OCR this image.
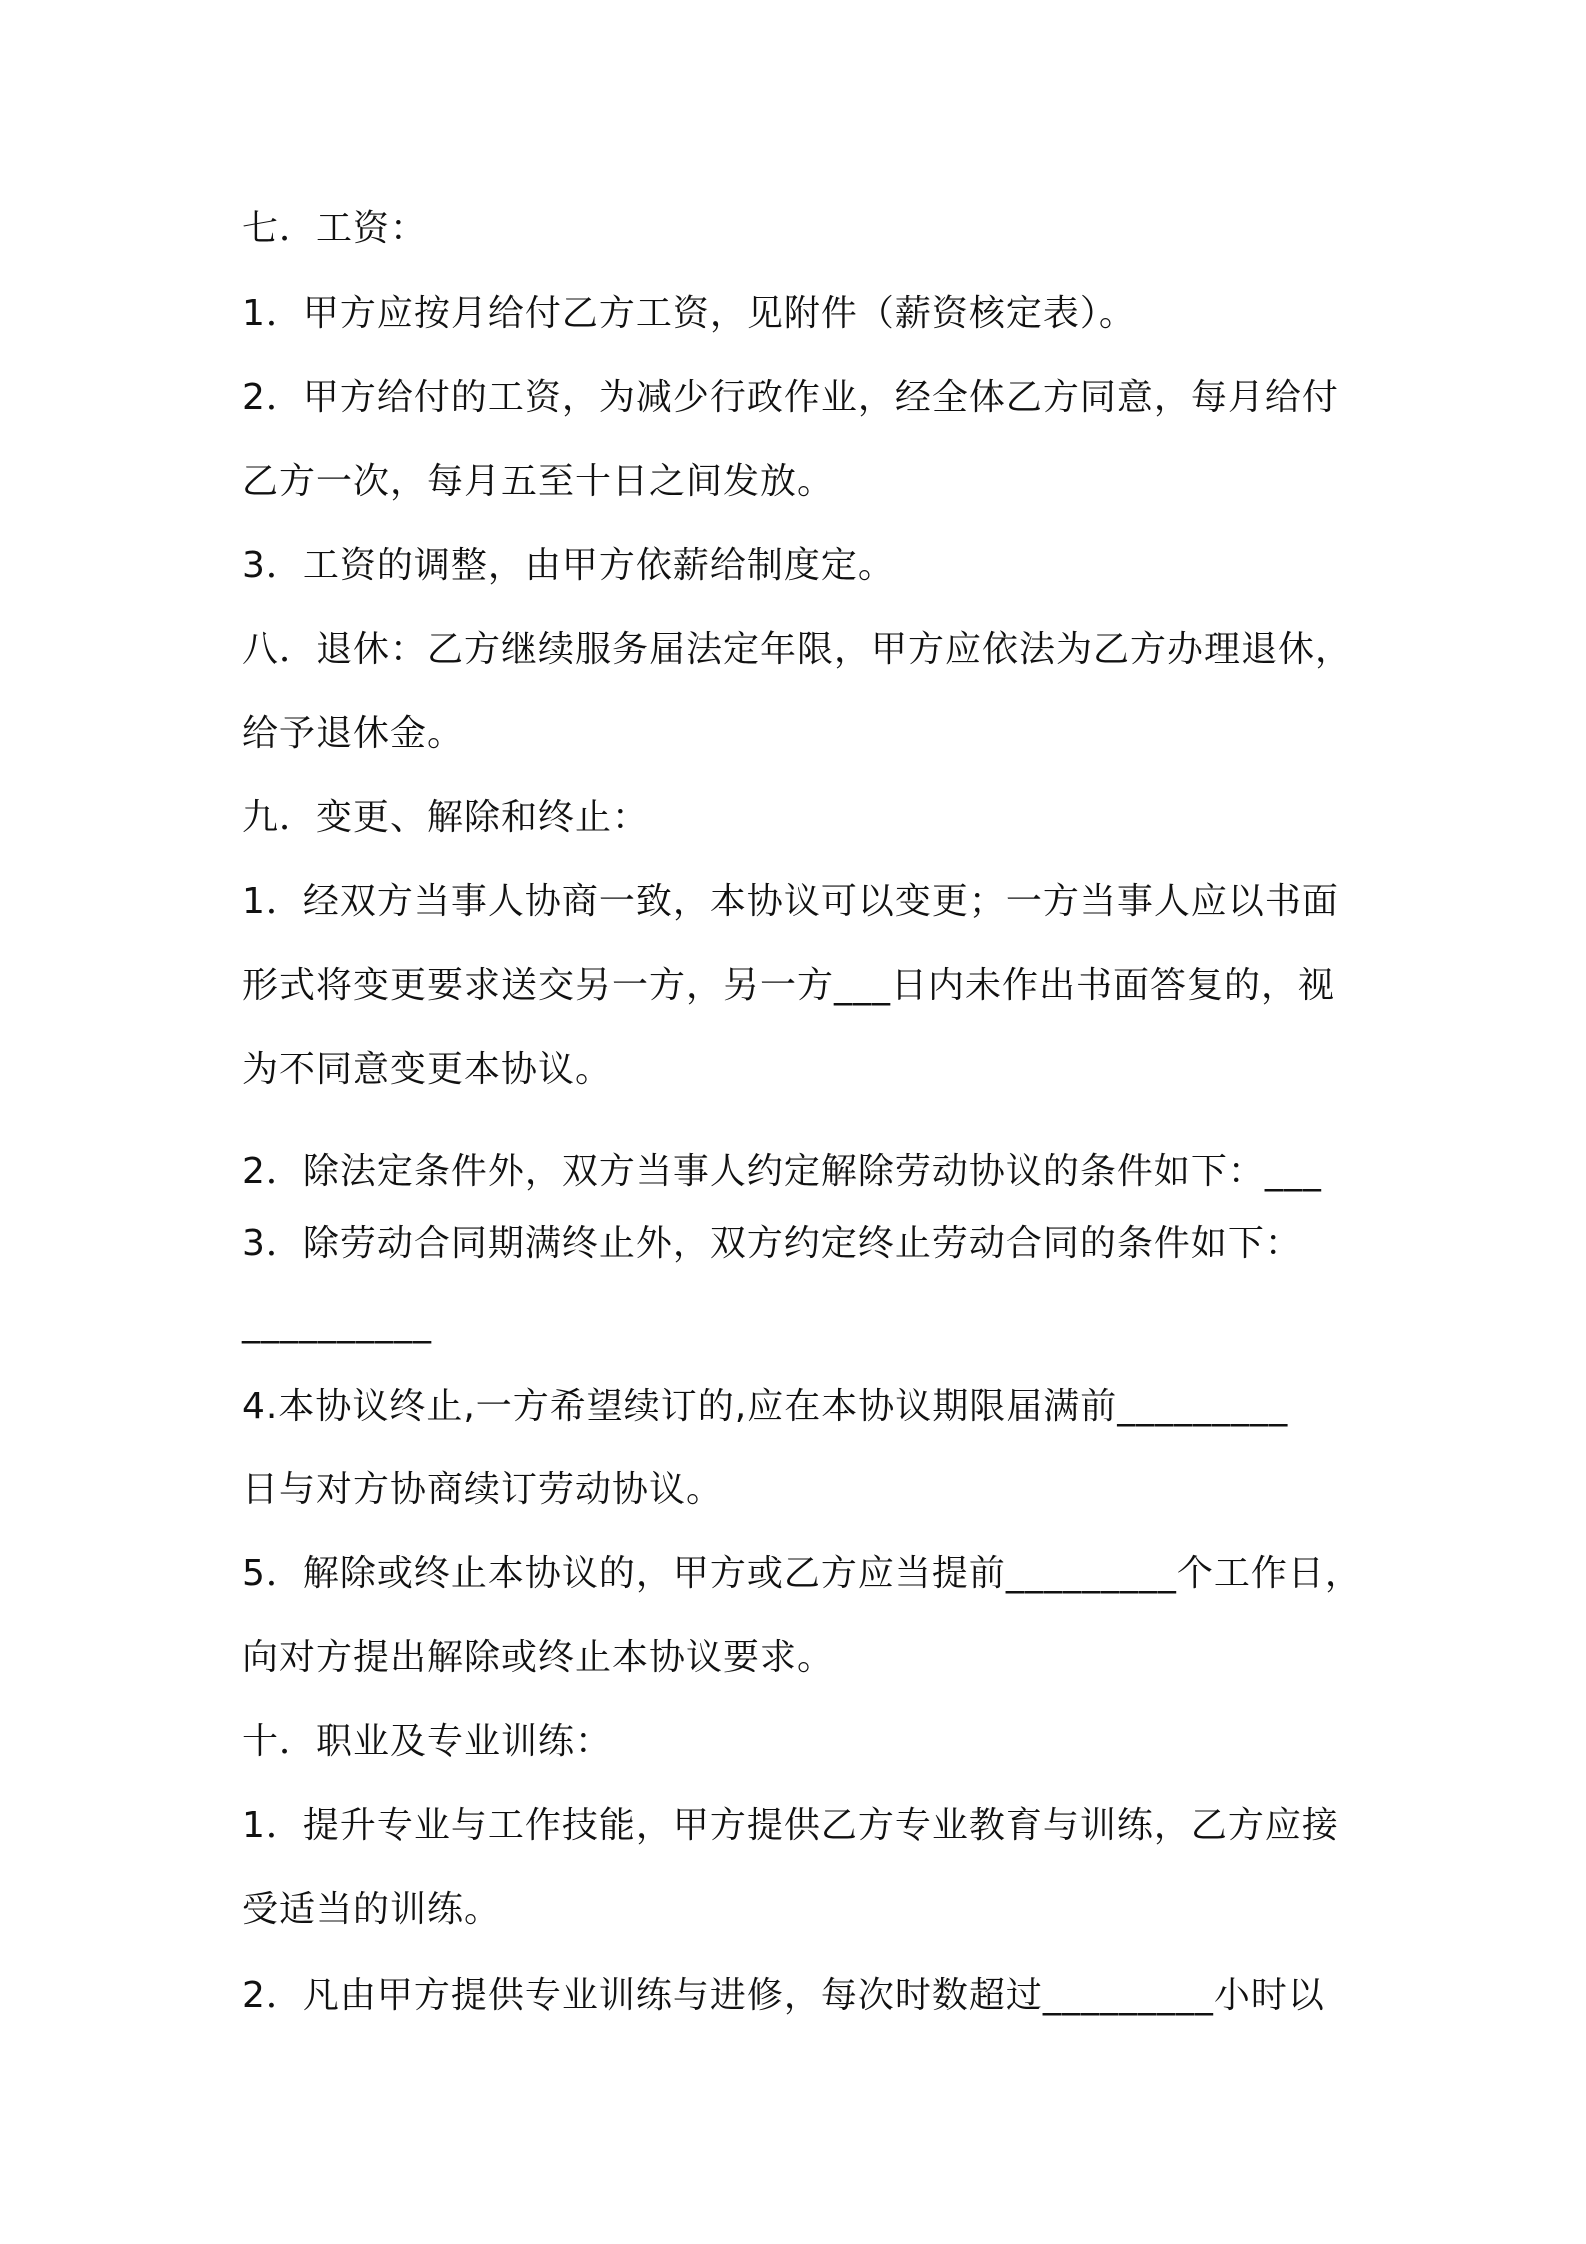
七．工资：
1．甲方应按月给付乙方工资，见附件（薪资核定表）。
2．甲方给付的工资，为减少行政作业，经全体乙方同意，每月给付
乙方一次，每月五至十日之间发放。
3．工资的调整，由甲方依薪给制度定。
八．退休：乙方继续服务届法定年限，甲方应依法为乙方办理退休，
给予退休金。
九．变更、解除和终止：
1．经双方当事人协商一致，本协议可以变更；一方当事人应以书面
形式将变更要求送交另一方，另一方___日内未作出书面答复的，视
为不同意变更本协议。
2．除法定条件外，双方当事人约定解除劳动协议的条件如下：___
3．除劳动合同期满终止外，双方约定终止劳动合同的条件如下：
__________
4.本协议终止,一方希望续订的,应在本协议期限届满前_________
日与对方协商续订劳动协议。
5．解除或终止本协议的，甲方或乙方应当提前_________个工作日，
向对方提出解除或终止本协议要求。
十．职业及专业训练：
1．提升专业与工作技能，甲方提供乙方专业教育与训练，乙方应接
受适当的训练。
2．凡由甲方提供专业训练与进修，每次时数超过_________小时以
